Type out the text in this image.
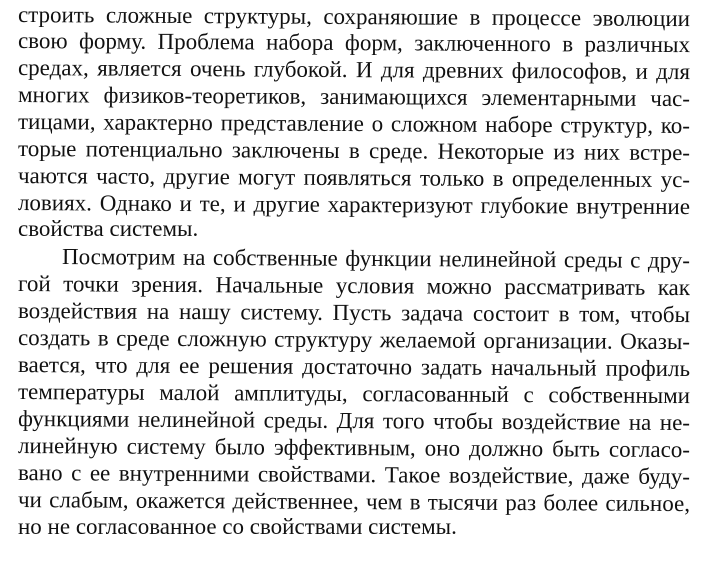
строить сложные структуры, сохраняюшие в процессе эволюции
свою форму. Проблема набора форм, заключенного в различных
средах, является очень глубокой. И для древних философов, и для
многих физиков-теоретиков, занимающихся элементарными час-
тицами, характерно представление о сложном наборе структур, ко-
торые потенциально заключены в среде. Некоторые из них встре-
чаются часто, другие могут появляться только в определенных ус-
ловиях. Однако и те, и другие характеризуют глубокие внутренние
свойства системы.
Посмотрим на собственные функции нелинейной среды с дру-
гой точки зрения. Начальные условия можно рассматривать как
воздействия на нашу систему. Пусть задача состоит в том, чтобы
создать в среде сложную структуру желаемой организации. Оказы-
вается, что для ее решения достаточно задать начальный профиль
температуры малой амплитуды, согласованный с собственными
функциями нелинейной среды. Для того чтобы воздействие на не-
линейную систему было эффективным, оно должно быть согласо-
вано с ее внутренними свойствами. Такое воздействие, даже буду-
чи слабым, окажется действеннее, чем в тысячи раз более сильное,
но не согласованное со свойствами системы.
